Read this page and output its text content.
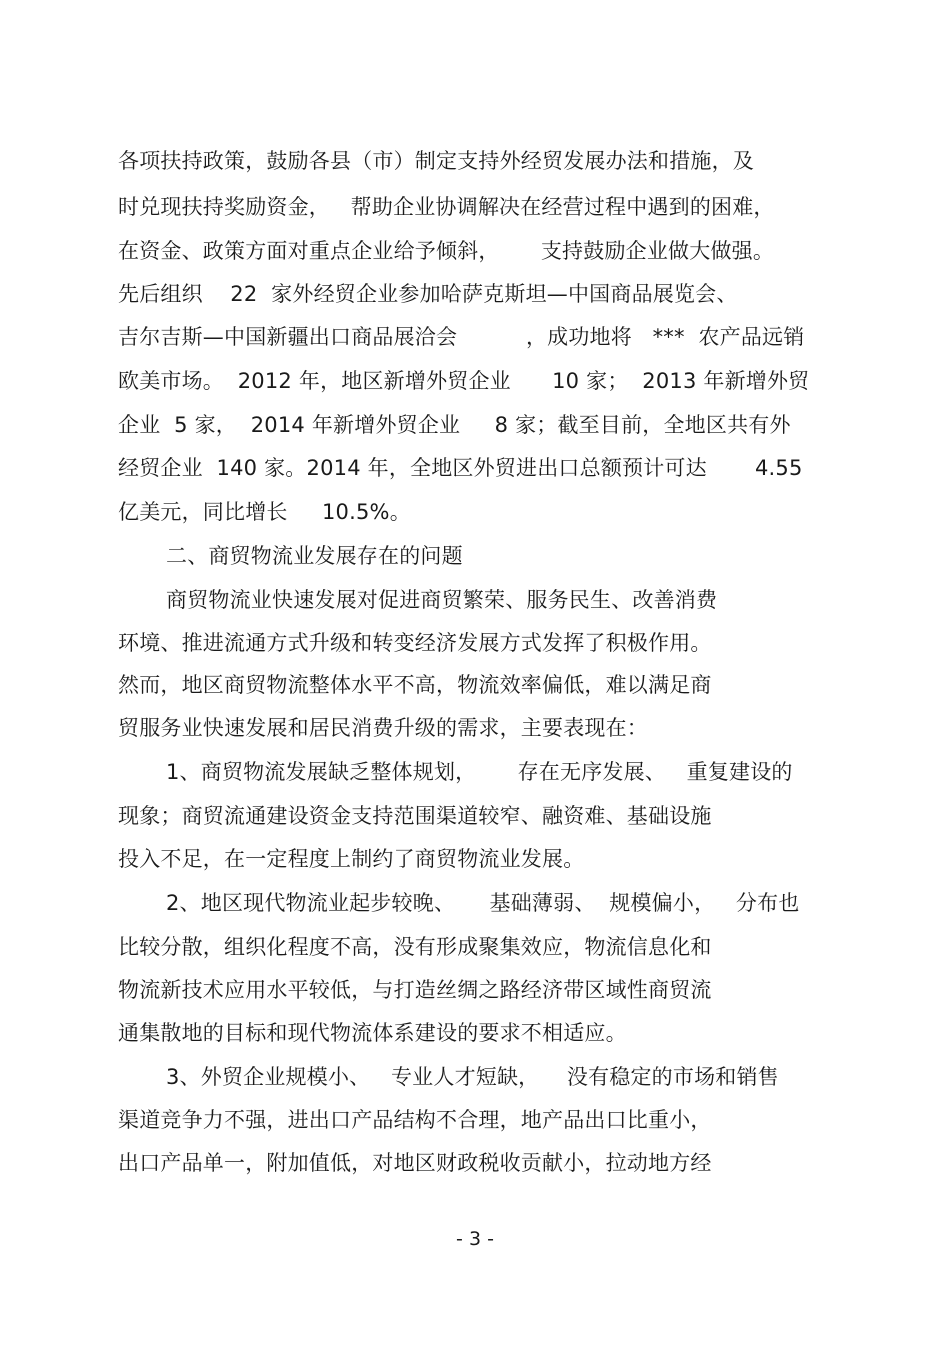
各项扶持政策，鼓励各县（市）制定支持外经贸发展办法和措施，及
时兑现扶持奖励资金，   帮助企业协调解决在经营过程中遇到的困难，
在资金、政策方面对重点企业给予倾斜，      支持鼓励企业做大做强。
先后组织    22  家外经贸企业参加哈萨克斯坦—中国商品展览会、
吉尔吉斯—中国新疆出口商品展洽会          ，成功地将   ***  农产品远销
欧美市场。  2012 年，地区新增外贸企业      10 家；  2013 年新增外贸
企业  5 家，  2014 年新增外贸企业     8 家；截至目前，全地区共有外
经贸企业  140 家。2014 年，全地区外贸进出口总额预计可达       4.55
亿美元，同比增长     10.5%。
二、商贸物流业发展存在的问题
商贸物流业快速发展对促进商贸繁荣、服务民生、改善消费
环境、推进流通方式升级和转变经济发展方式发挥了积极作用。
然而，地区商贸物流整体水平不高，物流效率偏低，难以满足商
贸服务业快速发展和居民消费升级的需求，主要表现在：
1、商贸物流发展缺乏整体规划，      存在无序发展、   重复建设的
现象；商贸流通建设资金支持范围渠道较窄、融资难、基础设施
投入不足，在一定程度上制约了商贸物流业发展。
2、地区现代物流业起步较晚、     基础薄弱、  规模偏小，   分布也
比较分散，组织化程度不高，没有形成聚集效应，物流信息化和
物流新技术应用水平较低，与打造丝绸之路经济带区域性商贸流
通集散地的目标和现代物流体系建设的要求不相适应。
3、外贸企业规模小、   专业人才短缺，    没有稳定的市场和销售
渠道竞争力不强，进出口产品结构不合理，地产品出口比重小，
出口产品单一，附加值低，对地区财政税收贡献小，拉动地方经
- 3 -
